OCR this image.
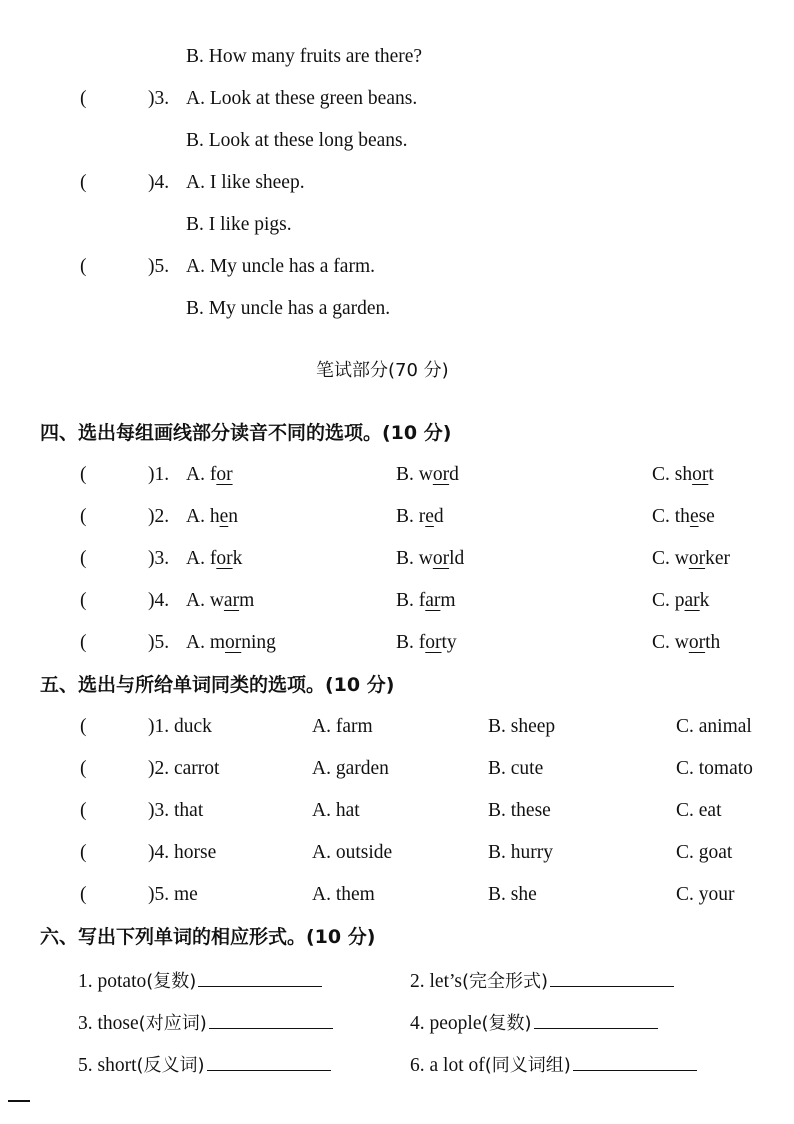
B. How many fruits are there?
(	)3. A. Look at these green beans.
B. Look at these long beans.
(	)4. A. I like sheep.
B. I like pigs.
(	)5. A. My uncle has a farm.
B. My uncle has a garden.
笔试部分(70 分)
四、选出每组画线部分读音不同的选项。(10 分)
(	)1. A. for	B. word	C. short
(	)2. A. hen	B. red	C. these
(	)3. A. fork	B. world	C. worker
(	)4. A. warm	B. farm	C. park
(	)5. A. morning	B. forty	C. worth
五、选出与所给单词同类的选项。(10 分)
(	)1. duck	A. farm	B. sheep	C. animal
(	)2. carrot	A. garden	B. cute	C. tomato
(	)3. that	A. hat	B. these	C. eat
(	)4. horse	A. outside	B. hurry	C. goat
(	)5. me	A. them	B. she	C. your
六、写出下列单词的相应形式。(10 分)
1. potato(复数)	2. let’s(完全形式)
3. those(对应词)	4. people(复数)
5. short(反义词)	6. a lot of(同义词组)
